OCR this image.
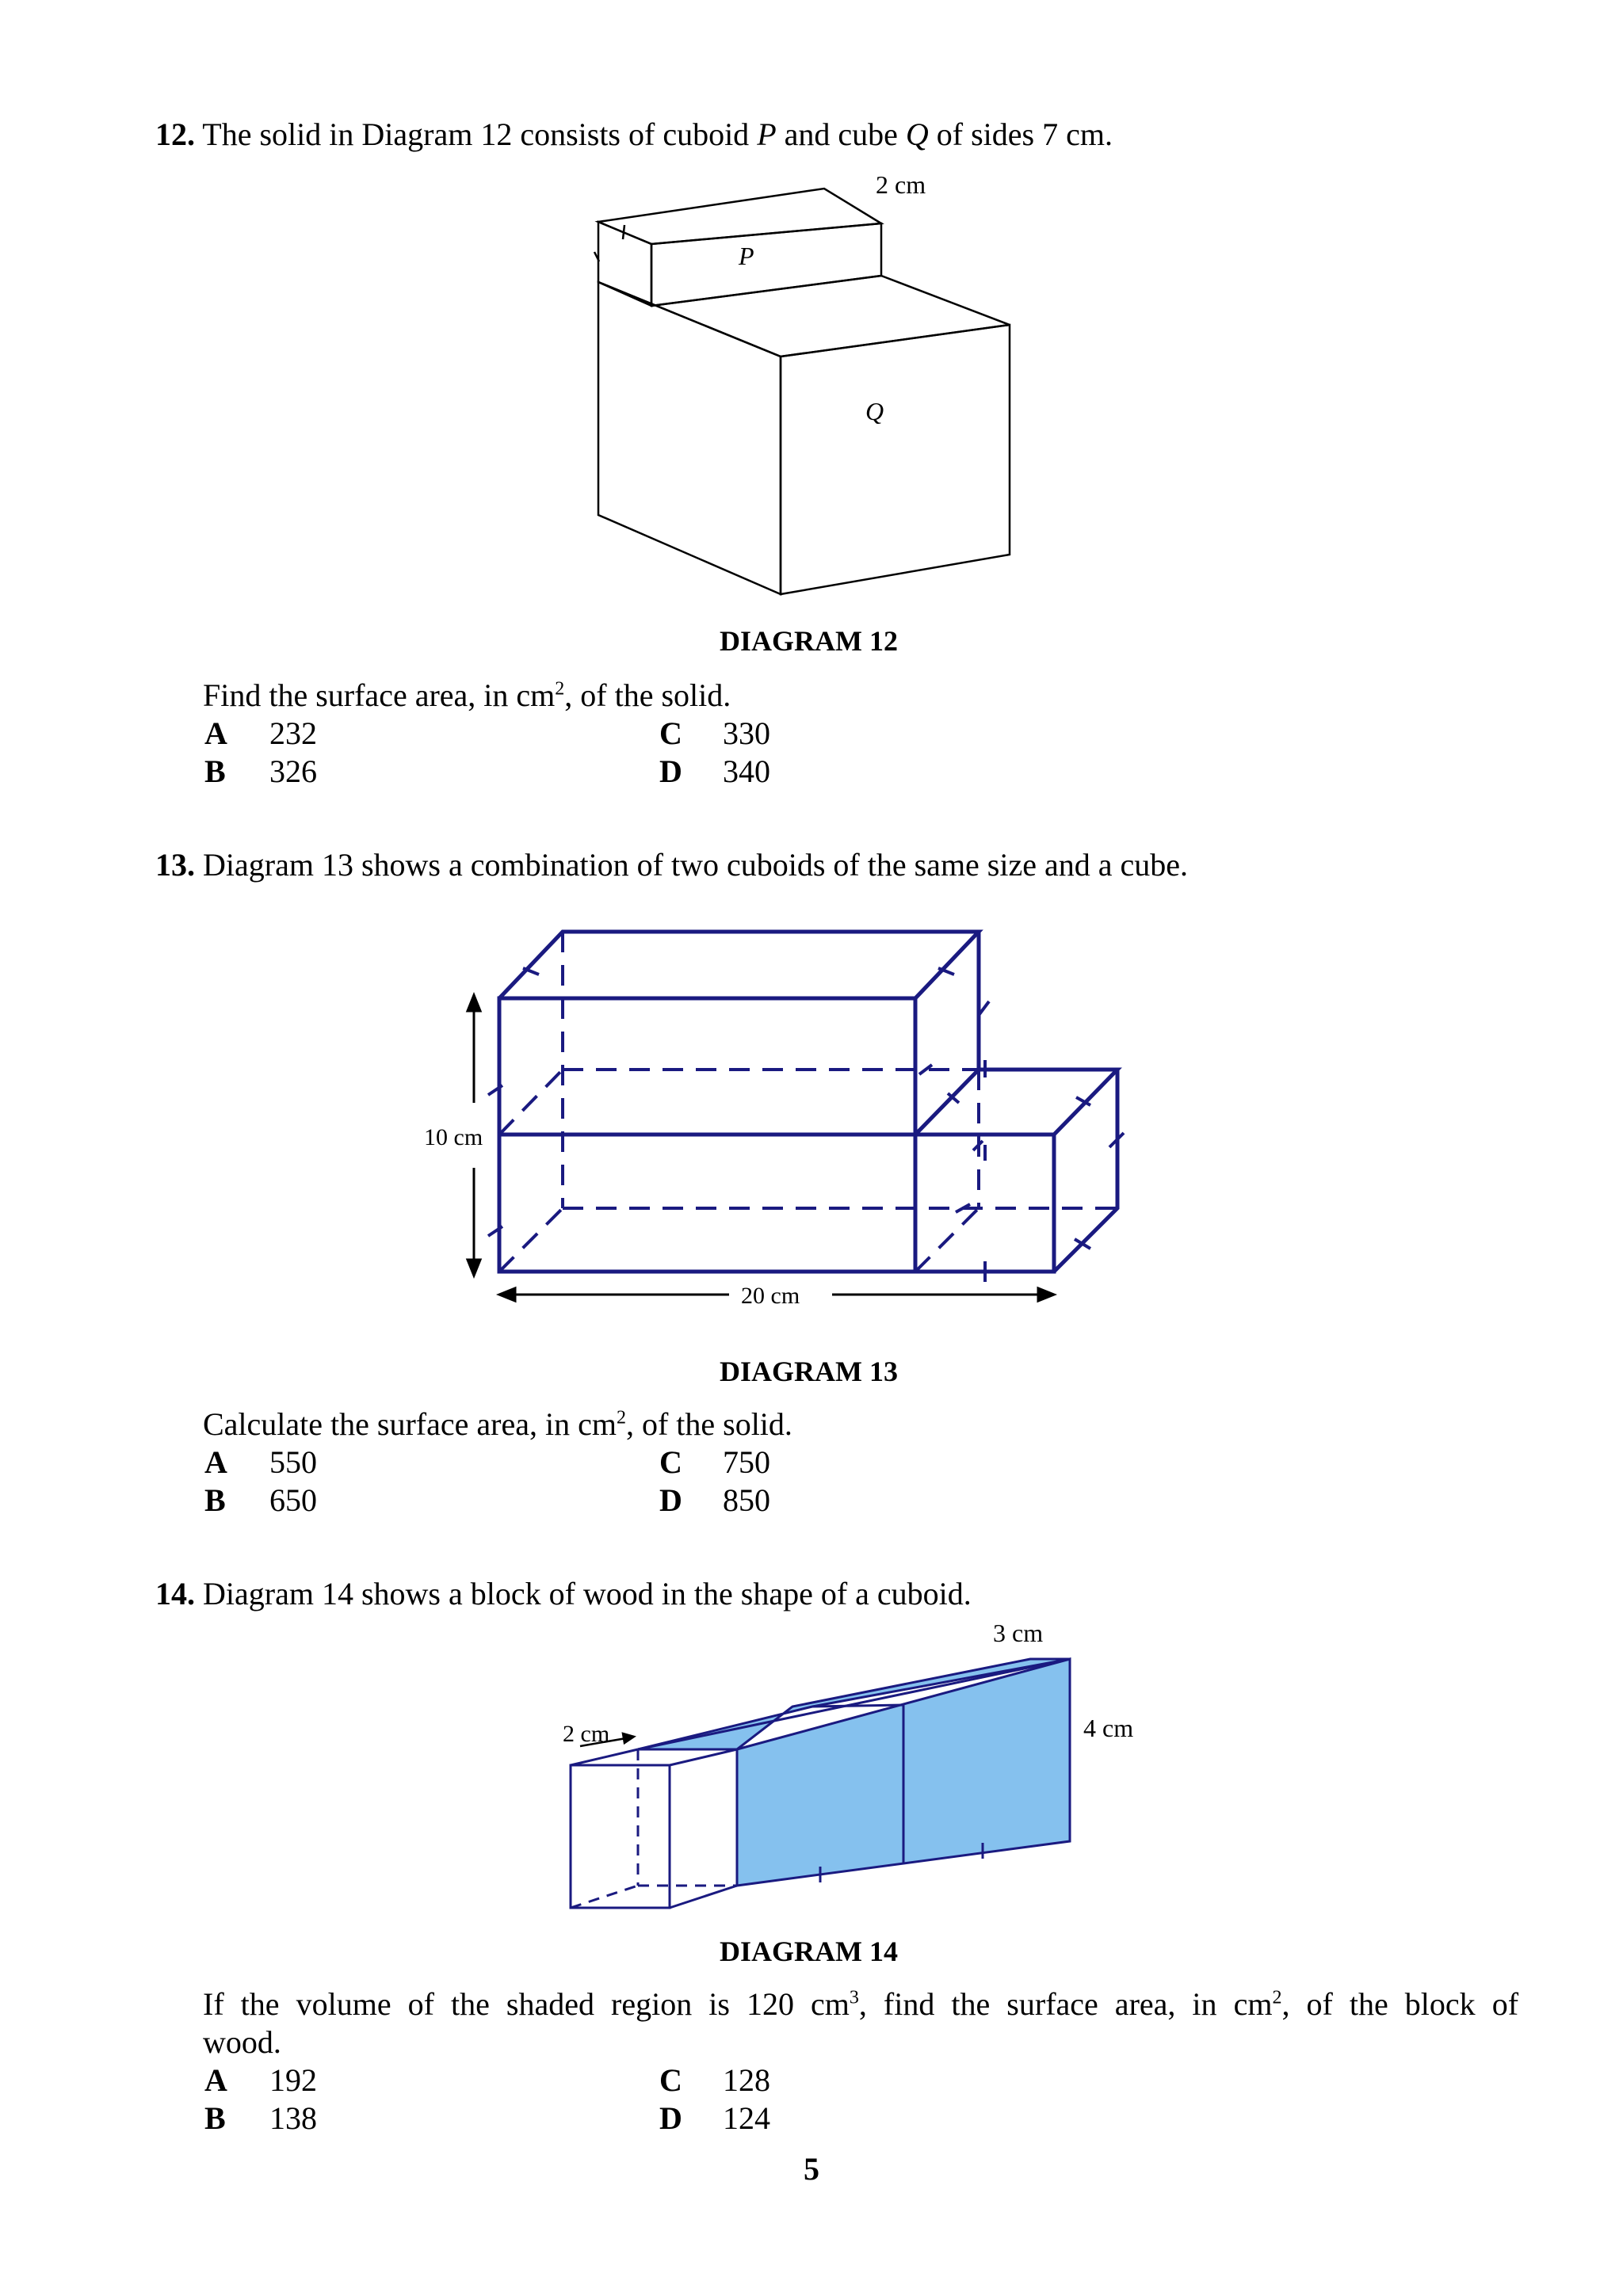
12. The solid in Diagram 12 consists of cuboid P and cube Q of sides 7 cm.
2 cm
P
Q
DIAGRAM 12
Find the surface area, in $cm^2$, of the solid.
A 232
B 326
C 330
D 340
13. Diagram 13 shows a combination of two cuboids of the same size and a cube.
10 cm
20 cm
DIAGRAM 13
Calculate the surface area, in $cm^2$, of the solid.
A 550
B 650
C 750
D 850
14. Diagram 14 shows a block of wood in the shape of a cuboid.
3 cm
4 cm
2 cm
DIAGRAM 14
If the volume of the shaded region is 120 $cm^3$, find the surface area, in $cm^2$, of the block of
wood.
A 192
B 138
C 128
D 124
5
